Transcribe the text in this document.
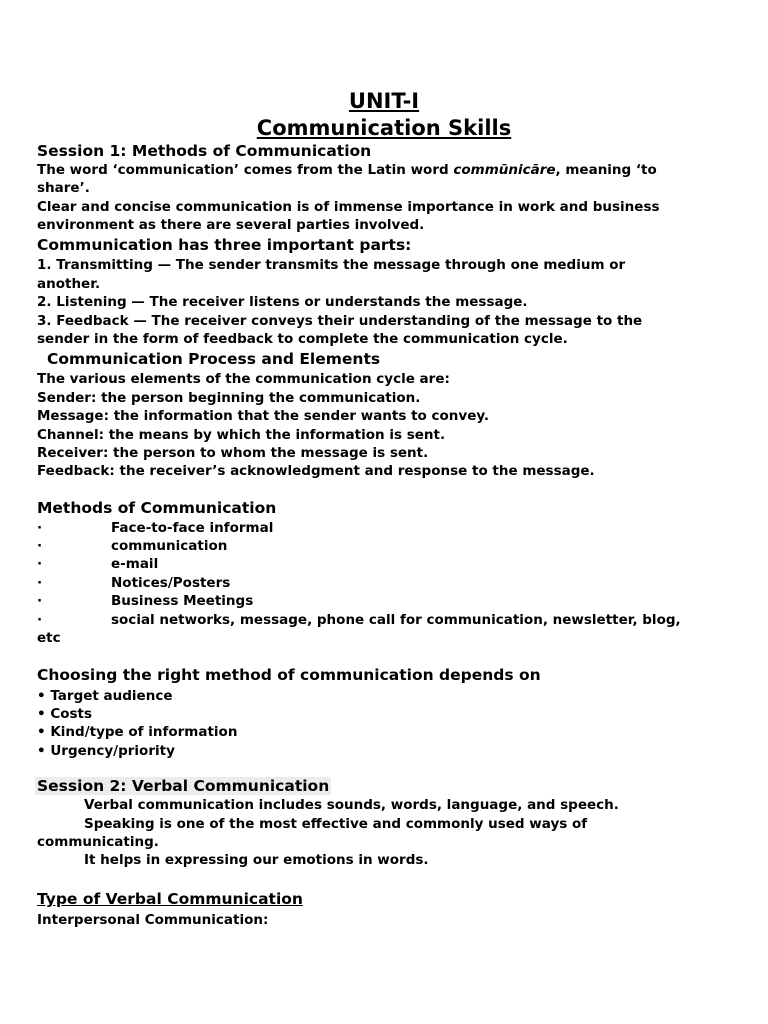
UNIT-I
Communication Skills
Session 1: Methods of Communication
The word ‘communication’ comes from the Latin word commūnicāre, meaning ‘to
share’.
Clear and concise communication is of immense importance in work and business
environment as there are several parties involved.
Communication has three important parts:
1. Transmitting — The sender transmits the message through one medium or
another.
2. Listening — The receiver listens or understands the message.
3. Feedback — The receiver conveys their understanding of the message to the
sender in the form of feedback to complete the communication cycle.
Communication Process and Elements
The various elements of the communication cycle are:
Sender: the person beginning the communication.
Message: the information that the sender wants to convey.
Channel: the means by which the information is sent.
Receiver: the person to whom the message is sent.
Feedback: the receiver’s acknowledgment and response to the message.
Methods of Communication
·	Face-to-face informal
·	communication
·	e-mail
·	Notices/Posters
·	Business Meetings
·	social networks, message, phone call for communication, newsletter, blog,
etc
Choosing the right method of communication depends on
• Target audience
• Costs
• Kind/type of information
• Urgency/priority
Session 2: Verbal Communication
Verbal communication includes sounds, words, language, and speech.
Speaking is one of the most effective and commonly used ways of
communicating.
It helps in expressing our emotions in words.
Type of Verbal Communication
Interpersonal Communication:
